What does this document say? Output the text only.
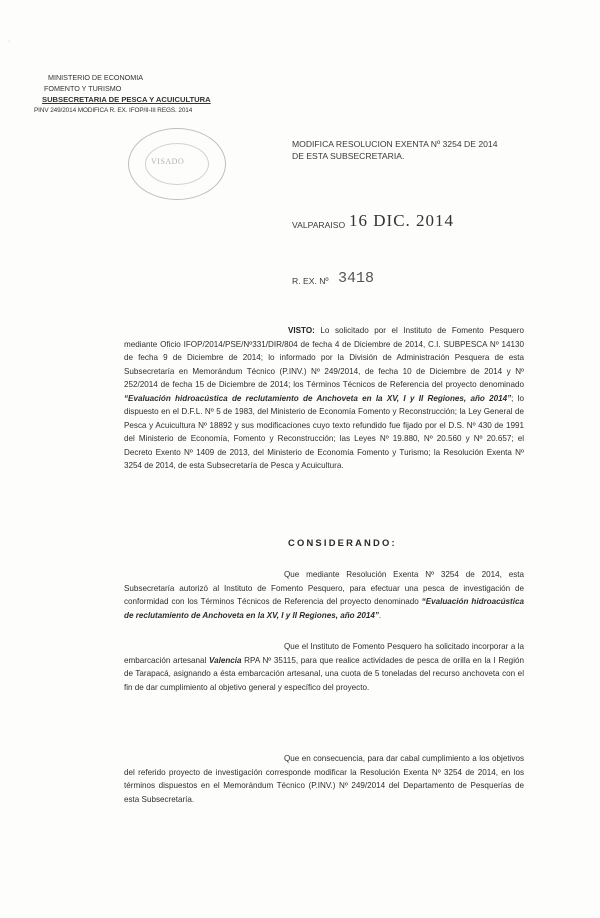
·
MINISTERIO DE ECONOMIA
FOMENTO Y TURISMO
SUBSECRETARIA DE PESCA Y ACUICULTURA
PINV 249/2014 MODIFICA R. EX. IFOP/II-III REGS. 2014
VISADO
MODIFICA RESOLUCION EXENTA Nº 3254 DE 2014
DE ESTA SUBSECRETARIA.
VALPARAISO 16 DIC. 2014
R. EX. Nº 3418
VISTO: Lo solicitado por el Instituto de Fomento Pesquero mediante Oficio IFOP/2014/PSE/Nº331/DIR/804 de fecha 4 de Diciembre de 2014, C.I. SUBPESCA Nº 14130 de fecha 9 de Diciembre de 2014; lo informado por la División de Administración Pesquera de esta Subsecretaría en Memorándum Técnico (P.INV.) Nº 249/2014, de fecha 10 de Diciembre de 2014 y Nº 252/2014 de fecha 15 de Diciembre de 2014; los Términos Técnicos de Referencia del proyecto denominado “Evaluación hidroacústica de reclutamiento de Anchoveta en la XV, I y II Regiones, año 2014”; lo dispuesto en el D.F.L. Nº 5 de 1983, del Ministerio de Economía Fomento y Reconstrucción; la Ley General de Pesca y Acuicultura Nº 18892 y sus modificaciones cuyo texto refundido fue fijado por el D.S. Nº 430 de 1991 del Ministerio de Economía, Fomento y Reconstrucción; las Leyes Nº 19.880, Nº 20.560 y Nº 20.657; el Decreto Exento Nº 1409 de 2013, del Ministerio de Economía Fomento y Turismo; la Resolución Exenta Nº 3254 de 2014, de esta Subsecretaría de Pesca y Acuicultura.
CONSIDERANDO:
Que mediante Resolución Exenta Nº 3254 de 2014, esta Subsecretaría autorizó al Instituto de Fomento Pesquero, para efectuar una pesca de investigación de conformidad con los Términos Técnicos de Referencia del proyecto denominado “Evaluación hidroacústica de reclutamiento de Anchoveta en la XV, I y II Regiones, año 2014”.
Que el Instituto de Fomento Pesquero ha solicitado incorporar a la embarcación artesanal Valencia RPA Nº 35115, para que realice actividades de pesca de orilla en la I Región de Tarapacá, asignando a ésta embarcación artesanal, una cuota de 5 toneladas del recurso anchoveta con el fin de dar cumplimiento al objetivo general y específico del proyecto.
Que en consecuencia, para dar cabal cumplimiento a los objetivos del referido proyecto de investigación corresponde modificar la Resolución Exenta Nº 3254 de 2014, en los términos dispuestos en el Memorándum Técnico (P.INV.) Nº 249/2014 del Departamento de Pesquerías de esta Subsecretaría.
